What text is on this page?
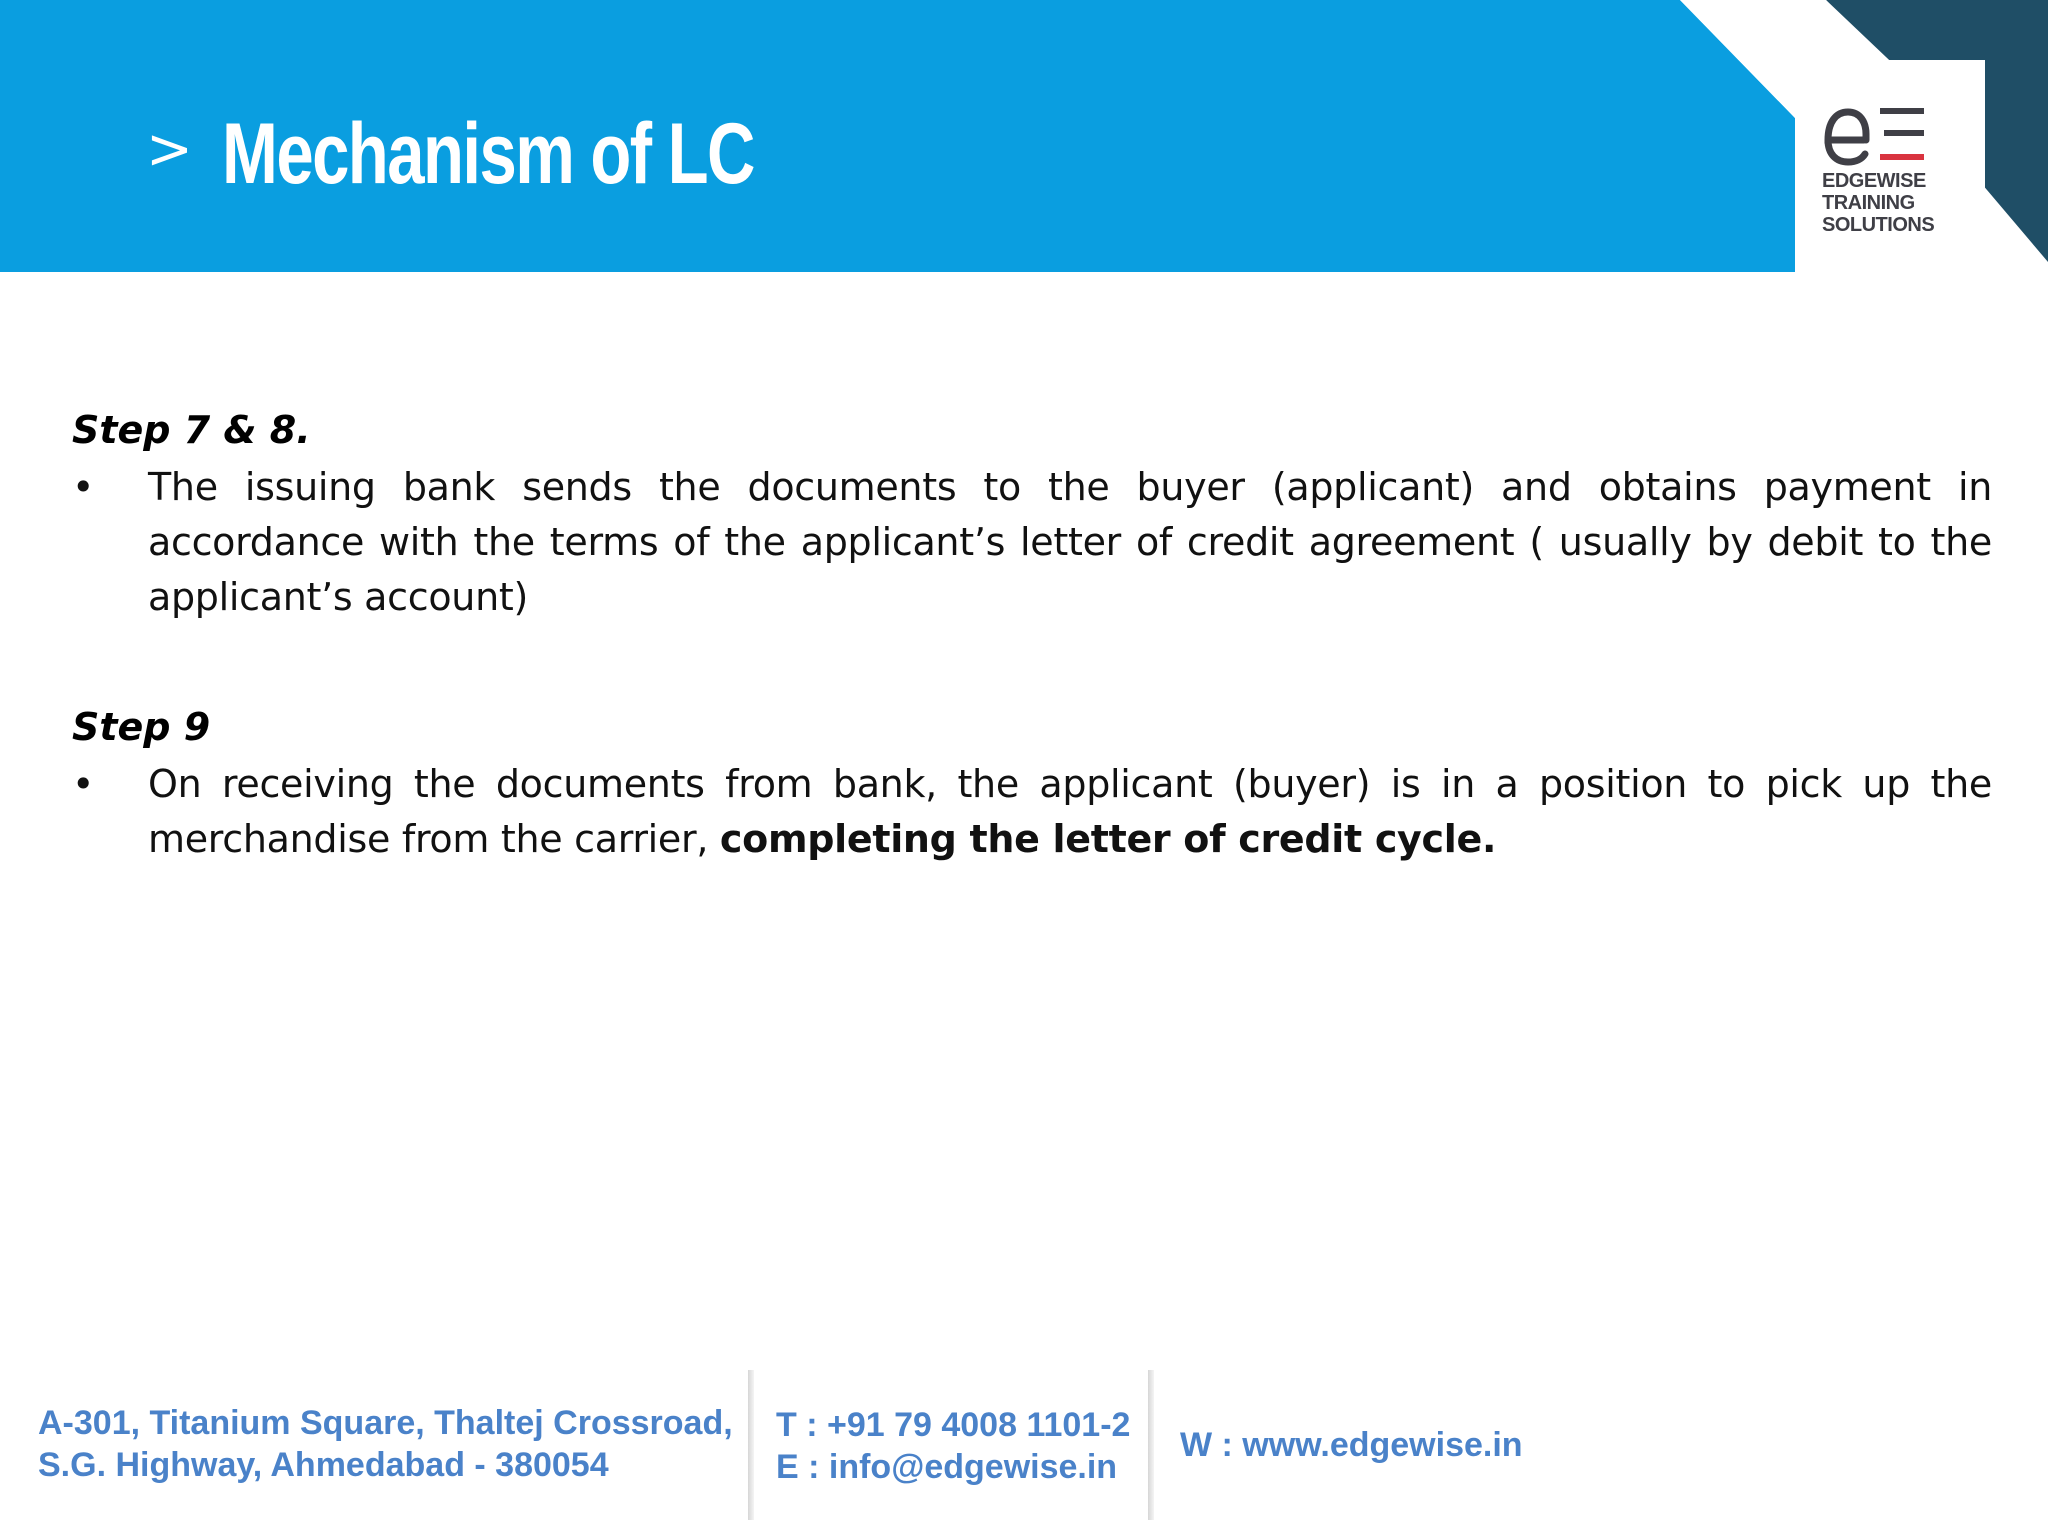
> Mechanism of LC	EDGEWISE
TRAINING
SOLUTIONS
Step 7 & 8.
• The issuing bank sends the documents to the buyer (applicant) and obtains payment in accordance with the terms of the applicant’s letter of credit agreement ( usually by debit to the applicant’s account)
Step 9
• On receiving the documents from bank, the applicant (buyer) is in a position to pick up the merchandise from the carrier, completing the letter of credit cycle.
A-301, Titanium Square, Thaltej Crossroad,
S.G. Highway, Ahmedabad - 380054
T : +91 79 4008 1101-2
E : info@edgewise.in
W : www.edgewise.in
